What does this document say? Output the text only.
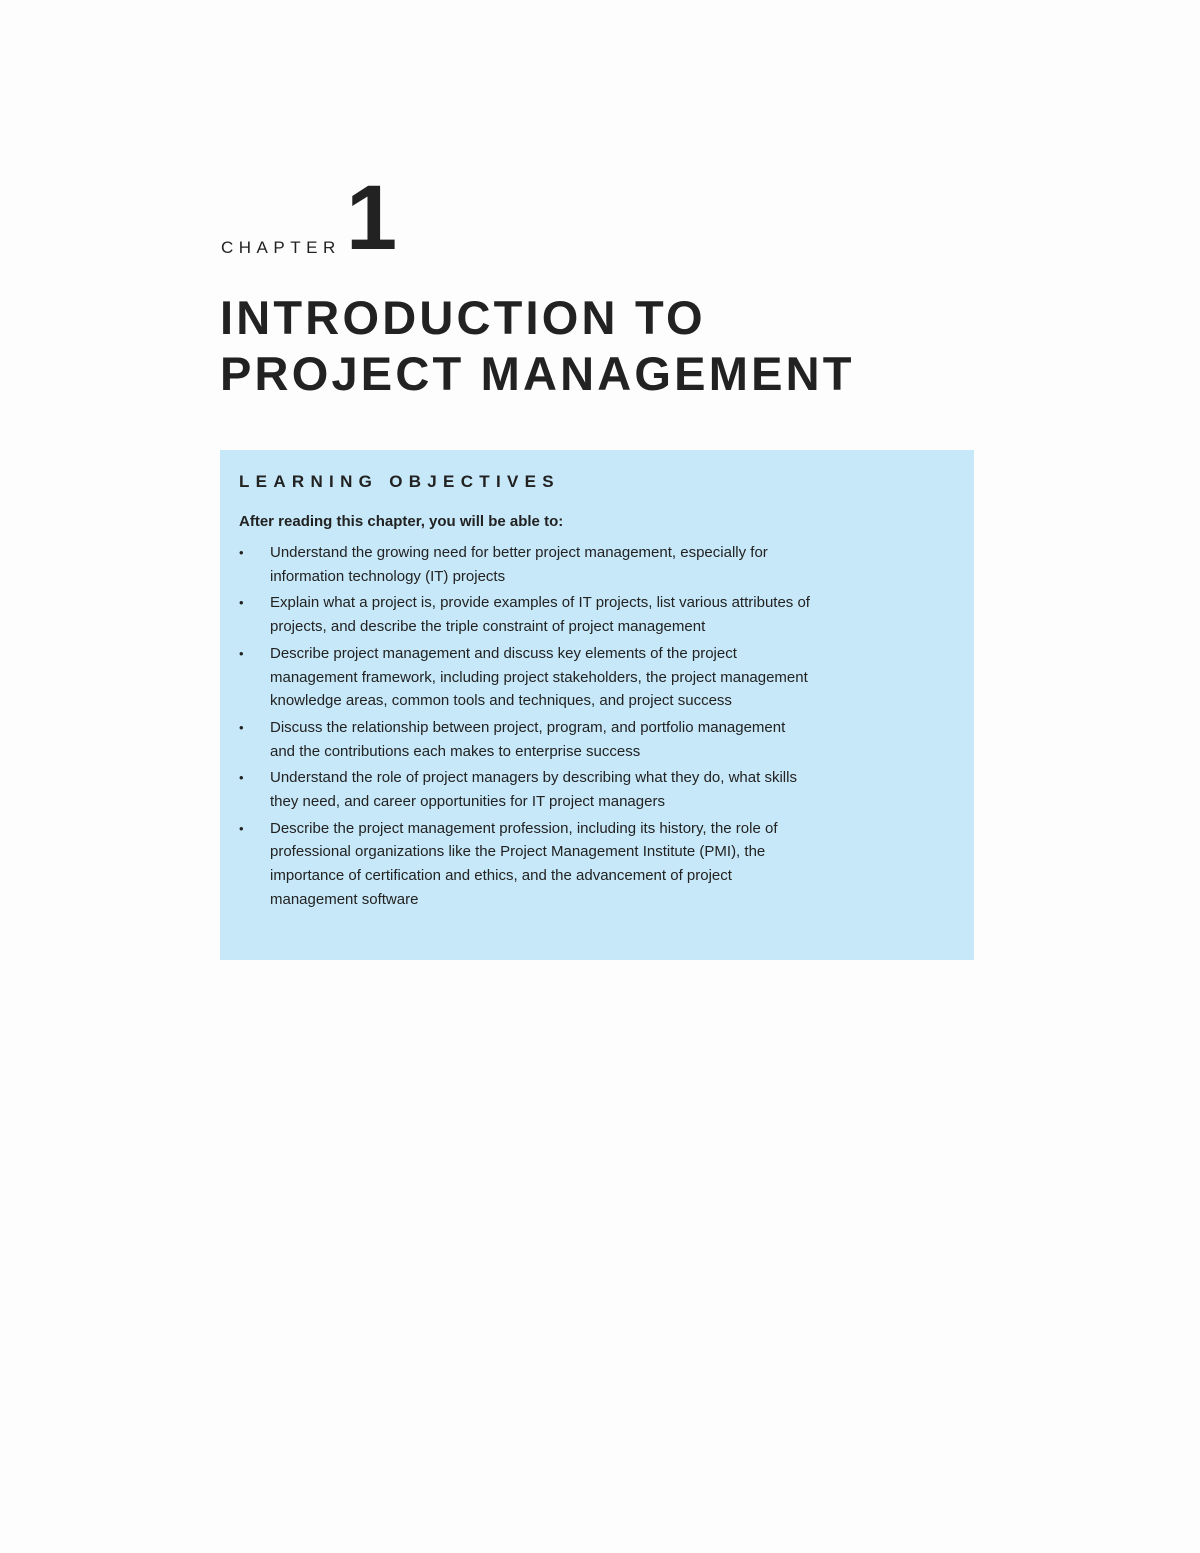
CHAPTER 1
INTRODUCTION TO
PROJECT MANAGEMENT
LEARNING OBJECTIVES

After reading this chapter, you will be able to:

• Understand the growing need for better project management, especially for information technology (IT) projects
• Explain what a project is, provide examples of IT projects, list various attributes of projects, and describe the triple constraint of project management
• Describe project management and discuss key elements of the project management framework, including project stakeholders, the project management knowledge areas, common tools and techniques, and project success
• Discuss the relationship between project, program, and portfolio management and the contributions each makes to enterprise success
• Understand the role of project managers by describing what they do, what skills they need, and career opportunities for IT project managers
• Describe the project management profession, including its history, the role of professional organizations like the Project Management Institute (PMI), the importance of certification and ethics, and the advancement of project management software
